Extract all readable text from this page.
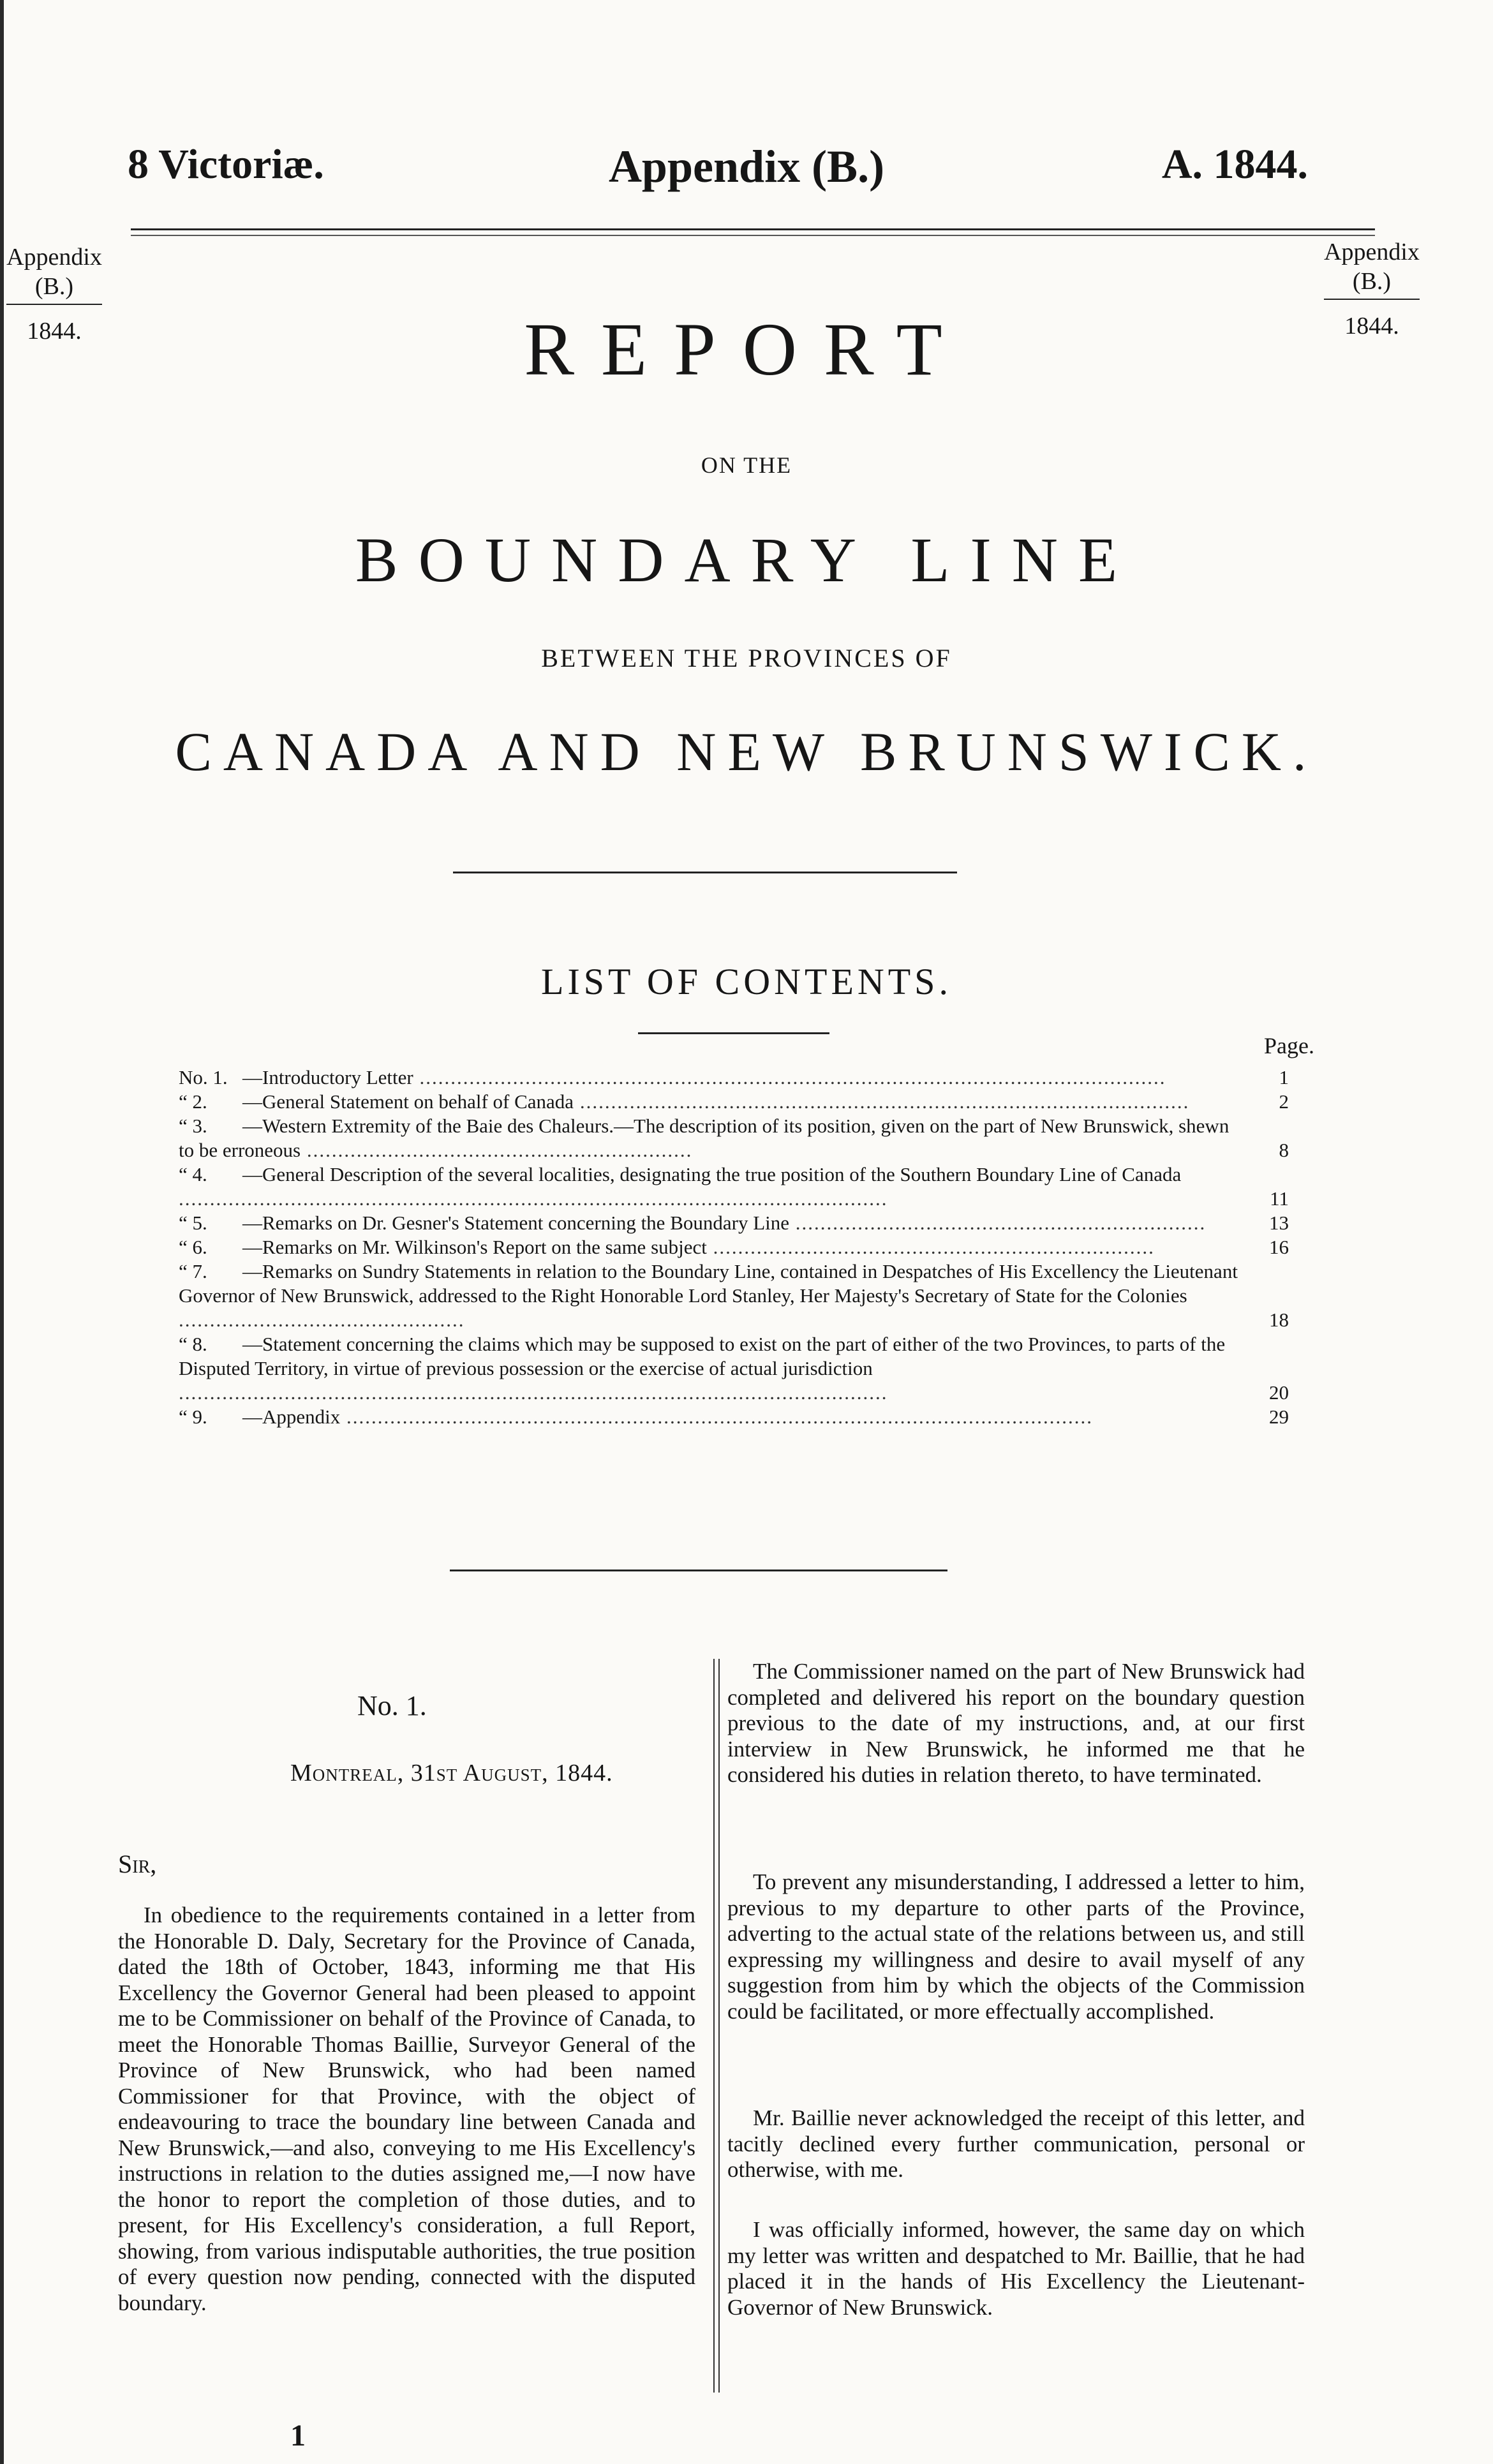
8 Victoriæ.	Appendix (B.)	A. 1844.
Appendix
(B.)
1844.
Appendix
(B.)
1844.
REPORT
ON THE
BOUNDARY LINE
BETWEEN THE PROVINCES OF
CANADA AND NEW BRUNSWICK.
LIST OF CONTENTS.
Page.
No. 1. —Introductory Letter ........................................................................................................................	1
“ 2. —General Statement on behalf of Canada ..................................................................................................	2
“ 3. —Western Extremity of the Baie des Chaleurs.—The description of its position, given on the part of New Brunswick, shewn to be erroneous ..............................................................	8
“ 4. —General Description of the several localities, designating the true position of the Southern Boundary Line of Canada ..................................................................................................................	11
“ 5. —Remarks on Dr. Gesner's Statement concerning the Boundary Line ..................................................................	13
“ 6. —Remarks on Mr. Wilkinson's Report on the same subject .......................................................................	16
“ 7. —Remarks on Sundry Statements in relation to the Boundary Line, contained in Despatches of His Excellency the Lieutenant Governor of New Brunswick, addressed to the Right Honorable Lord Stanley, Her Majesty's Secretary of State for the Colonies ..............................................	18
“ 8. —Statement concerning the claims which may be supposed to exist on the part of either of the two Provinces, to parts of the Disputed Territory, in virtue of previous possession or the exercise of actual jurisdiction ..................................................................................................................	20
“ 9. —Appendix ........................................................................................................................	29
No. 1.
Montreal, 31st August, 1844.
Sir,
In obedience to the requirements contained in a letter from the Honorable D. Daly, Secretary for the Province of Canada, dated the 18th of October, 1843, informing me that His Excellency the Governor General had been pleased to appoint me to be Commissioner on behalf of the Province of Canada, to meet the Honorable Thomas Baillie, Surveyor General of the Province of New Brunswick, who had been named Commissioner for that Province, with the object of endeavouring to trace the boundary line between Canada and New Brunswick,—and also, conveying to me His Excellency's instructions in relation to the duties assigned me,—I now have the honor to report the completion of those duties, and to present, for His Excellency's consideration, a full Report, showing, from various indisputable authorities, the true position of every question now pending, connected with the disputed boundary.

The Commissioner named on the part of New Brunswick had completed and delivered his report on the boundary question previous to the date of my instructions, and, at our first interview in New Brunswick, he informed me that he considered his duties in relation thereto, to have terminated.

To prevent any misunderstanding, I addressed a letter to him, previous to my departure to other parts of the Province, adverting to the actual state of the relations between us, and still expressing my willingness and desire to avail myself of any suggestion from him by which the objects of the Commission could be facilitated, or more effectually accomplished.

Mr. Baillie never acknowledged the receipt of this letter, and tacitly declined every further communication, personal or otherwise, with me.

I was officially informed, however, the same day on which my letter was written and despatched to Mr. Baillie, that he had placed it in the hands of His Excellency the Lieutenant-Governor of New Brunswick.

1
